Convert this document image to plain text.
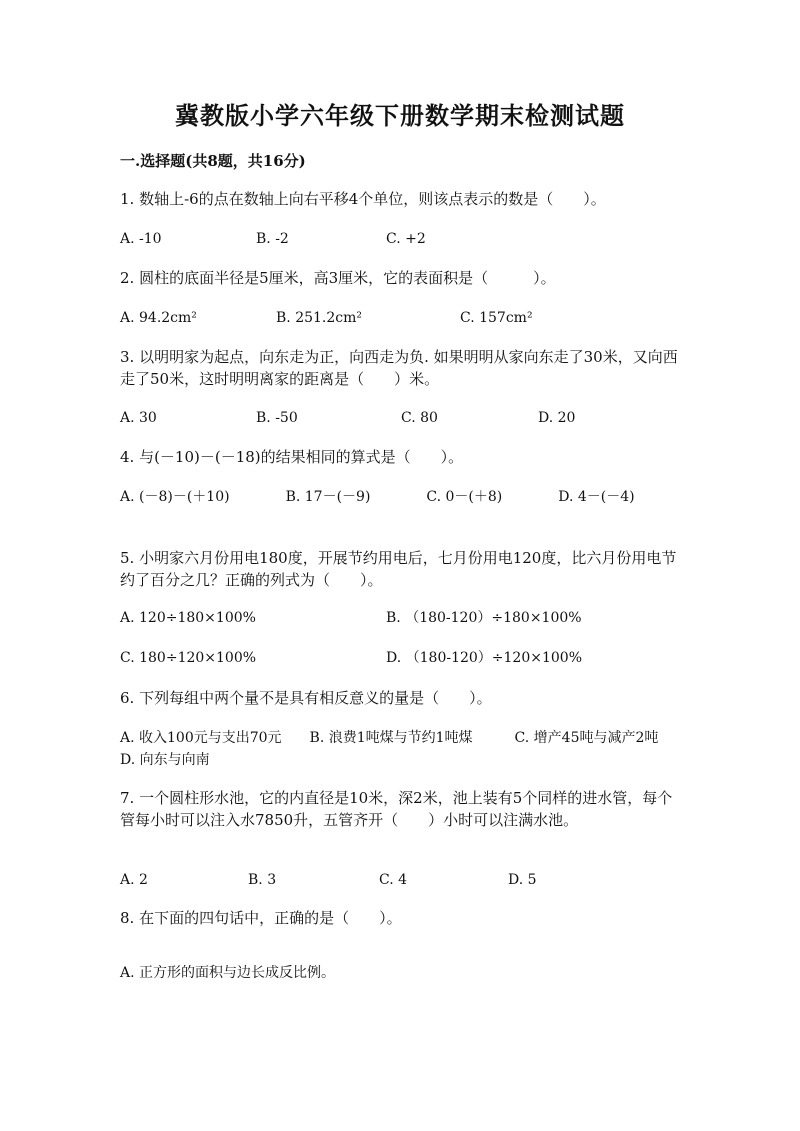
冀教版小学六年级下册数学期末检测试题
一.选择题(共8题，共16分)
1. 数轴上-6的点在数轴上向右平移4个单位，则该点表示的数是（　　）。
A. -10	B. -2	C. +2
2. 圆柱的底面半径是5厘米，高3厘米，它的表面积是（　　　）。
A. 94.2cm²	B. 251.2cm²	C. 157cm²
3. 以明明家为起点，向东走为正，向西走为负. 如果明明从家向东走了30米，又向西走了50米，这时明明离家的距离是（　　）米。
A. 30	B. -50	C. 80	D. 20
4. 与(－10)－(－18)的结果相同的算式是（　　）。
A. (－8)－(＋10)　　　　B. 17－(－9)　　　　C. 0－(＋8)　　　　D. 4－(－4)
5. 小明家六月份用电180度，开展节约用电后，七月份用电120度，比六月份用电节约了百分之几？正确的列式为（　　）。
A. 120÷180×100%	B. （180-120）÷180×100%
C. 180÷120×100%	D. （180-120）÷120×100%
6. 下列每组中两个量不是具有相反意义的量是（　　）。
A. 收入100元与支出70元　　B. 浪费1吨煤与节约1吨煤　　　C. 增产45吨与减产2吨　　　D. 向东与向南
7. 一个圆柱形水池，它的内直径是10米，深2米，池上装有5个同样的进水管，每个管每小时可以注入水7850升，五管齐开（　　）小时可以注满水池。
A. 2	B. 3	C. 4	D. 5
8. 在下面的四句话中，正确的是（　　）。
A. 正方形的面积与边长成反比例。
